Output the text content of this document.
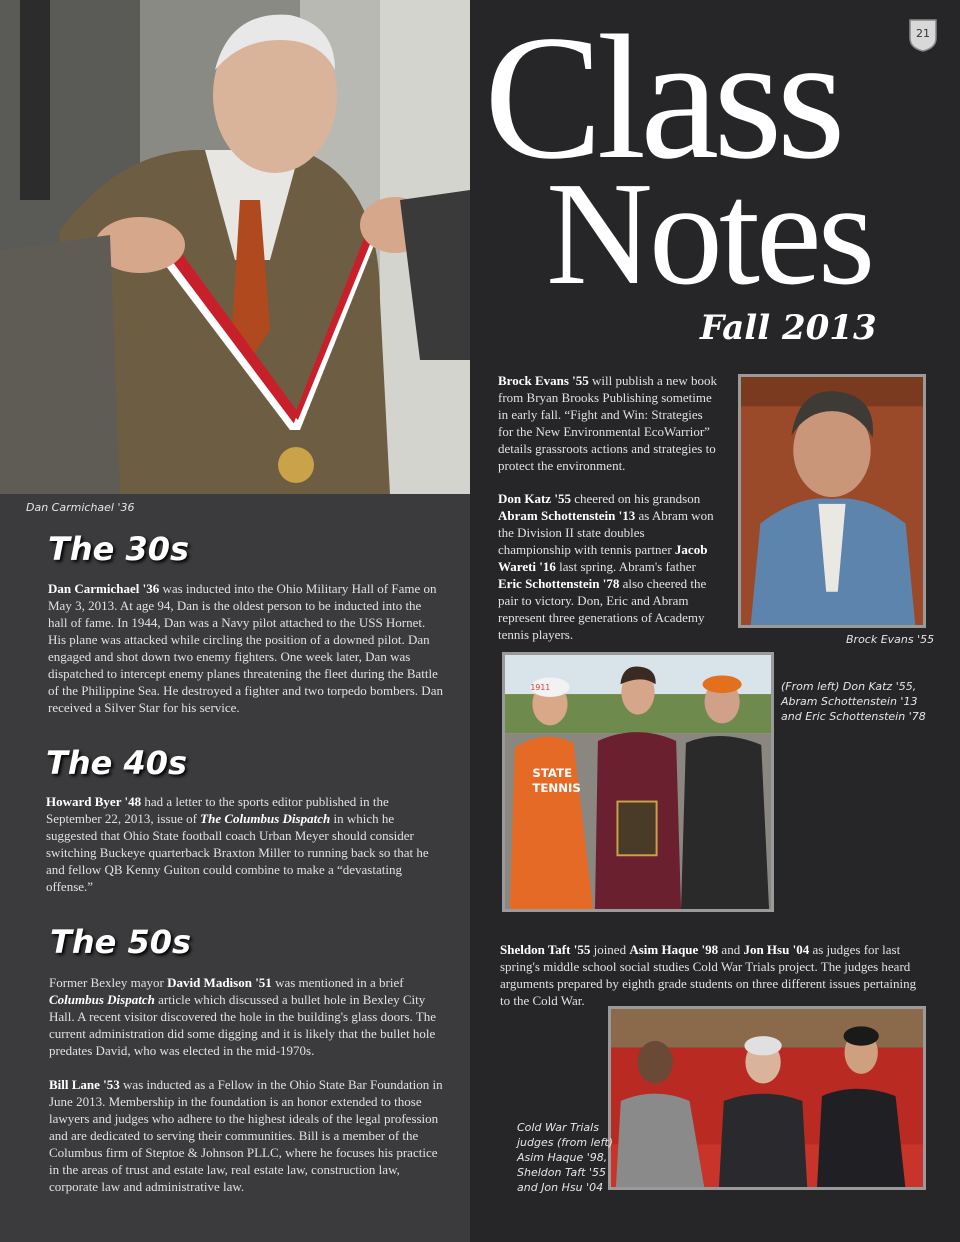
Dan Carmichael '36
The 30s

Dan Carmichael '36 was inducted into the Ohio Military Hall of Fame on May 3, 2013. At age 94, Dan is the oldest person to be inducted into the hall of fame. In 1944, Dan was a Navy pilot attached to the USS Hornet. His plane was attacked while circling the position of a downed pilot. Dan engaged and shot down two enemy fighters. One week later, Dan was dispatched to intercept enemy planes threatening the fleet during the Battle of the Philippine Sea. He destroyed a fighter and two torpedo bombers. Dan received a Silver Star for his service.

The 40s

Howard Byer '48 had a letter to the sports editor published in the September 22, 2013, issue of The Columbus Dispatch in which he suggested that Ohio State football coach Urban Meyer should consider switching Buckeye quarterback Braxton Miller to running back so that he and fellow QB Kenny Guiton could combine to make a “devastating offense.”

The 50s

Former Bexley mayor David Madison '51 was mentioned in a brief Columbus Dispatch article which discussed a bullet hole in Bexley City Hall. A recent visitor discovered the hole in the building's glass doors. The current administration did some digging and it is likely that the bullet hole predates David, who was elected in the mid-1970s.

Bill Lane '53 was inducted as a Fellow in the Ohio State Bar Foundation in June 2013. Membership in the foundation is an honor extended to those lawyers and judges who adhere to the highest ideals of the legal profession and are dedicated to serving their communities. Bill is a member of the Columbus firm of Steptoe & Johnson PLLC, where he focuses his practice in the areas of trust and estate law, real estate law, construction law, corporate law and administrative law.

Class
Notes
Fall 2013
21

Brock Evans '55 will publish a new book from Bryan Brooks Publishing sometime in early fall. “Fight and Win: Strategies for the New Environmental EcoWarrior” details grassroots actions and strategies to protect the environment.

Brock Evans '55

Don Katz '55 cheered on his grandson Abram Schottenstein '13 as Abram won the Division II state doubles championship with tennis partner Jacob Wareti '16 last spring. Abram's father Eric Schottenstein '78 also cheered the pair to victory. Don, Eric and Abram represent three generations of Academy tennis players.

1911
STATE
TENNIS
(From left) Don Katz '55,
Abram Schottenstein '13
and Eric Schottenstein '78

Sheldon Taft '55 joined Asim Haque '98 and Jon Hsu '04 as judges for last spring's middle school social studies Cold War Trials project. The judges heard arguments prepared by eighth grade students on three different issues pertaining to the Cold War.

Cold War Trials
judges (from left)
Asim Haque '98,
Sheldon Taft '55
and Jon Hsu '04
